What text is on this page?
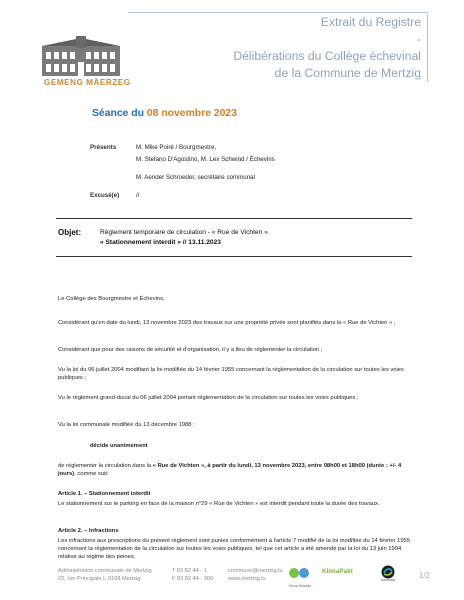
GEMENG MÄERZEG
Extrait du Registre
-
Délibérations du Collège échevinal
de la Commune de Mertzig
Séance du 08 novembre 2023
Présents	M. Mike Poiré / Bourgmestre,
M. Stefano D'Agostino, M. Lex Schwind / Échevins
M. Aender Schroeder, secrétaire communal
Excusé(e)	//
Objet:	Règlement temporaire de circulation - « Rue de Vichten »
« Stationnement interdit » // 13.11.2023
Le Collège des Bourgmestre et Échevins,
Considérant qu'en date du lundi, 13 novembre 2023 des travaux sur une propriété privée sont planifiés dans la « Rue de Vichten » ;
Considérant que pour des raisons de sécurité et d'organisation, il y a lieu de réglementer la circulation ;
Vu la loi du 06 juillet 2004 modifiant la loi modifiée du 14 février 1955 concernant la réglementation de la circulation sur toutes les voies publiques ;
Vu le règlement grand-ducal du 06 juillet 2004 portant réglementation de la circulation sur toutes les voies publiques ;
Vu la loi communale modifiée du 13 décembre 1988 ;
décide unanimement
de réglementer la circulation dans la « Rue de Vichten », à partir du lundi, 13 novembre 2023, entre 08h00 et 18h00 (durée : +/- 4 jours), comme suit:
Article 1. – Stationnement interdit
Le stationnement sur le parking en face de la maison n°29 « Rue de Vichten » est interdit pendant toute la durée des travaux.
Article 2. – Infractions
Les infractions aux prescriptions du présent règlement sont punies conformément à l'article 7 modifié de la loi modifiée du 14 février 1955 concernant la réglementation de la circulation sur toutes les voies publiques, tel que cet article a été amendé par la loi du 13 juin 1994 relative au régime des peines.
Administration communale de Mertzig
22, rue Principale L-9168 Mertzig
T 83 82 44 - 1
F 83 82 44 - 300
commune@mertzig.lu
www.mertzig.lu
Klima Bündnis
KlimaPakt
FAIRTRADE
1/2
